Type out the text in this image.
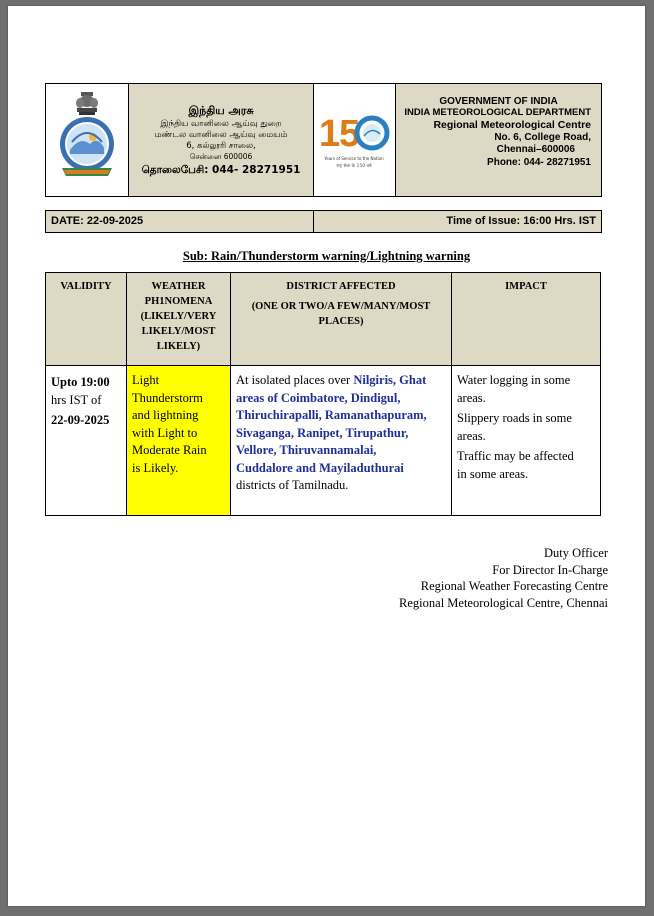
இந்திய அரசு
இந்திய வானிலை ஆய்வு துறை
மண்டல வானிலை ஆய்வு மையம்
6, கல்லூரி சாலை,
சென்னை 600006
தொலைபேசி: 044- 28271951
1
5
Years of Service to the Nation
राष्ट्र सेवा के 150 वर्ष
GOVERNMENT OF INDIA
INDIA METEOROLOGICAL DEPARTMENT
Regional Meteorological Centre
No. 6, College Road,
Chennai–600006
Phone: 044- 28271951
DATE: 22-09-2025	Time of Issue: 16:00 Hrs. IST
Sub: Rain/Thunderstorm warning/Lightning warning
VALIDITY
Upto 19:00
hrs IST of
22-09-2025
WEATHER
PH1NOMENA
(LIKELY/VERY
LIKELY/MOST
LIKELY)
Light
Thunderstorm
and lightning
with Light to
Moderate Rain
is Likely.
DISTRICT AFFECTED
(ONE OR TWO/A FEW/MANY/MOST
PLACES)
At isolated places over Nilgiris, Ghat
areas of Coimbatore, Dindigul,
Thiruchirapalli, Ramanathapuram,
Sivaganga, Ranipet, Tirupathur,
Vellore, Thiruvannamalai,
Cuddalore and Mayiladuthurai
districts of Tamilnadu.
IMPACT
Water logging in some
areas.
Slippery roads in some
areas.
Traffic may be affected
in some areas.
Duty Officer
For Director In-Charge
Regional Weather Forecasting Centre
Regional Meteorological Centre, Chennai
